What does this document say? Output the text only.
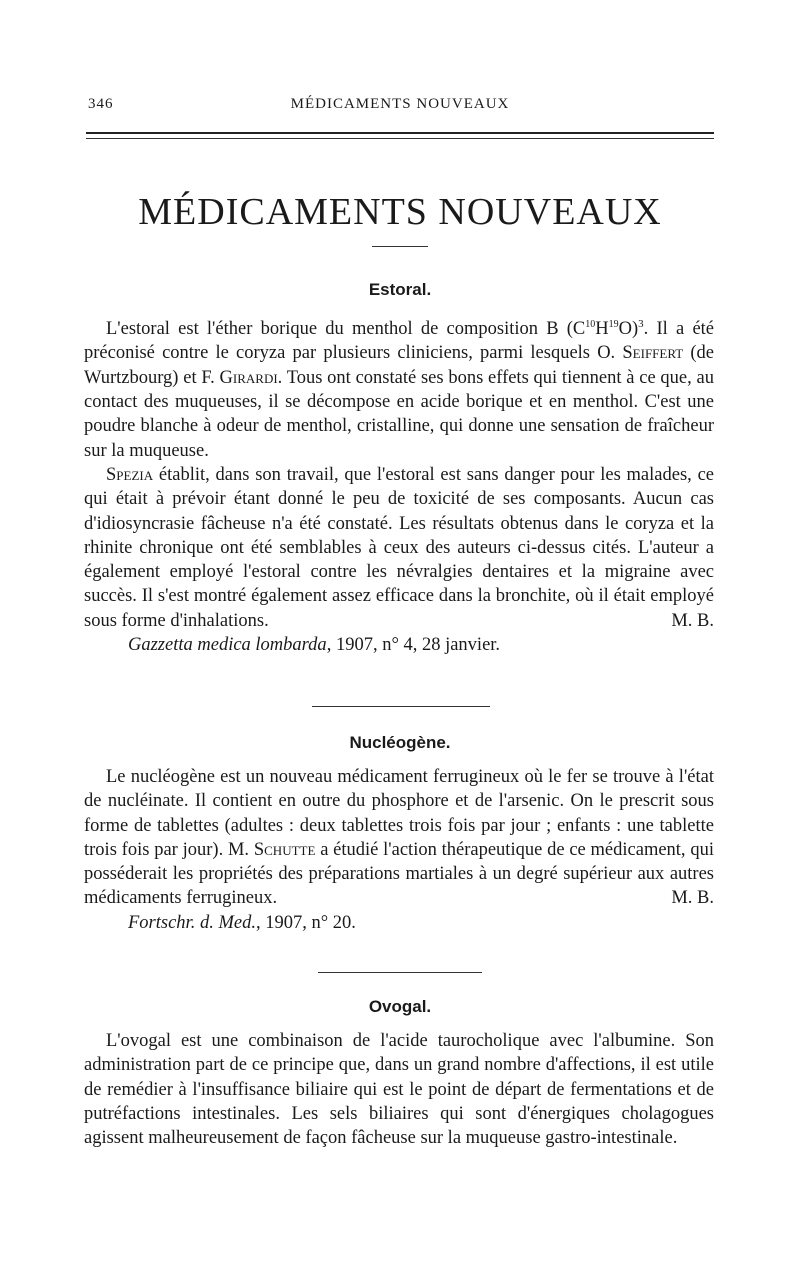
346	MÉDICAMENTS NOUVEAUX
MÉDICAMENTS NOUVEAUX
Estoral.

L'estoral est l'éther borique du menthol de composition B $(C^{10}H^{19}O)^3$. Il a été préconisé contre le coryza par plusieurs cliniciens, parmi lesquels O. Seiffert (de Wurtzbourg) et F. Girardi. Tous ont constaté ses bons effets qui tiennent à ce que, au contact des muqueuses, il se décompose en acide borique et en menthol. C'est une poudre blanche à odeur de menthol, cristalline, qui donne une sensation de fraîcheur sur la muqueuse.

Spezia établit, dans son travail, que l'estoral est sans danger pour les malades, ce qui était à prévoir étant donné le peu de toxicité de ses composants. Aucun cas d'idiosyncrasie fâcheuse n'a été constaté. Les résultats obtenus dans le coryza et la rhinite chronique ont été semblables à ceux des auteurs ci-dessus cités. L'auteur a également employé l'estoral contre les névralgies dentaires et la migraine avec succès. Il s'est montré également assez efficace dans la bronchite, où il était employé sous forme d'inhalations.	M. B.

Gazzetta medica lombarda, 1907, n° 4, 28 janvier.

Nucléogène.

Le nucléogène est un nouveau médicament ferrugineux où le fer se trouve à l'état de nucléinate. Il contient en outre du phosphore et de l'arsenic. On le prescrit sous forme de tablettes (adultes : deux tablettes trois fois par jour ; enfants : une tablette trois fois par jour). M. Schutte a étudié l'action thérapeutique de ce médicament, qui posséderait les propriétés des préparations martiales à un degré supérieur aux autres médicaments ferrugineux.	M. B.

Fortschr. d. Med., 1907, n° 20.

Ovogal.

L'ovogal est une combinaison de l'acide taurocholique avec l'albumine. Son administration part de ce principe que, dans un grand nombre d'affections, il est utile de remédier à l'insuffisance biliaire qui est le point de départ de fermentations et de putréfactions intestinales. Les sels biliaires qui sont d'énergiques cholagogues agissent malheureusement de façon fâcheuse sur la muqueuse gastro-intestinale.
